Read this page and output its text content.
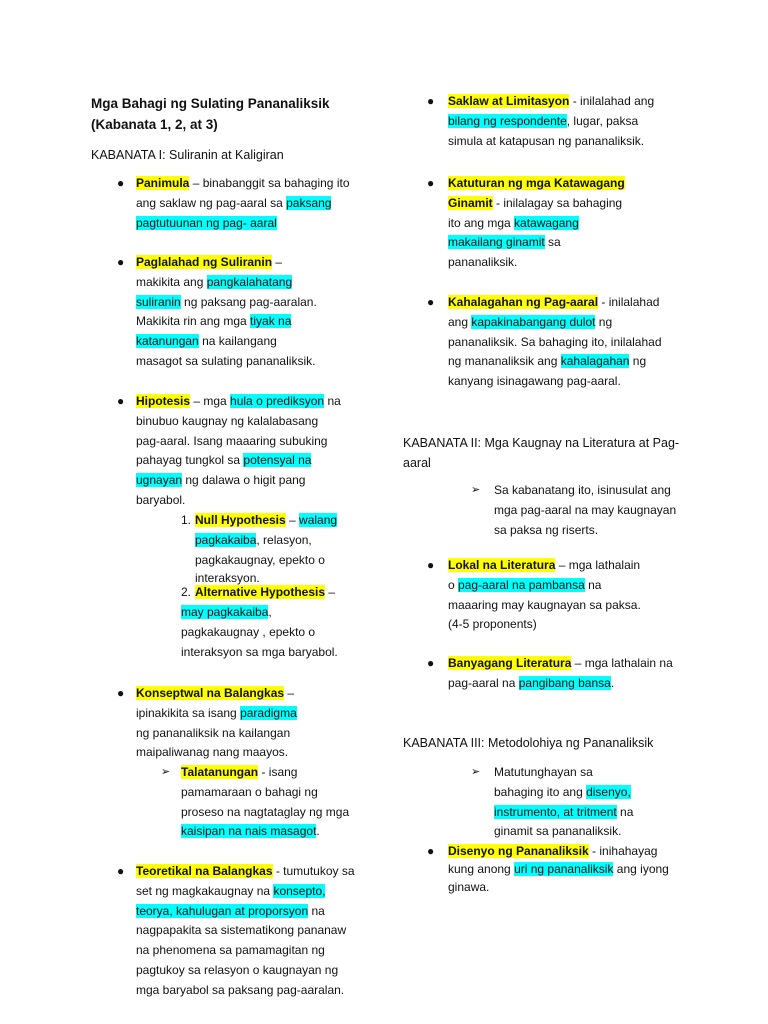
Mga Bahagi ng Sulating Pananaliksik
(Kabanata 1, 2, at 3)
KABANATA I: Suliranin at Kaligiran
● Panimula – binabanggit sa bahaging ito
ang saklaw ng pag-aaral sa paksang
pagtutuunan ng pag- aaral
● Paglalahad ng Suliranin –
makikita ang pangkalahatang
suliranin ng paksang pag-aaralan.
Makikita rin ang mga tiyak na
katanungan na kailangang
masagot sa sulating pananaliksik.
● Hipotesis – mga hula o prediksyon na
binubuo kaugnay ng kalalabasang
pag-aaral. Isang maaaring subuking
pahayag tungkol sa potensyal na
ugnayan ng dalawa o higit pang
baryabol.
1. Null Hypothesis – walang
pagkakaiba, relasyon,
pagkakaugnay, epekto o
interaksyon.
2. Alternative Hypothesis –
may pagkakaiba,
pagkakaugnay , epekto o
interaksyon sa mga baryabol.
● Konseptwal na Balangkas –
ipinakikita sa isang paradigma
ng pananaliksik na kailangan
maipaliwanag nang maayos.
➢ Talatanungan - isang
pamamaraan o bahagi ng
proseso na nagtataglay ng mga
kaisipan na nais masagot.
● Teoretikal na Balangkas - tumutukoy sa
set ng magkakaugnay na konsepto,
teorya, kahulugan at proporsyon na
nagpapakita sa sistematikong pananaw
na phenomena sa pamamagitan ng
pagtukoy sa relasyon o kaugnayan ng
mga baryabol sa paksang pag-aaralan.
● Saklaw at Limitasyon - inilalahad ang
bilang ng respondente, lugar, paksa
simula at katapusan ng pananaliksik.
● Katuturan ng mga Katawagang
Ginamit - inilalagay sa bahaging
ito ang mga katawagang
makailang ginamit sa
pananaliksik.
● Kahalagahan ng Pag-aaral - inilalahad
ang kapakinabangang dulot ng
pananaliksik. Sa bahaging ito, inilalahad
ng mananaliksik ang kahalagahan ng
kanyang isinagawang pag-aaral.
KABANATA II: Mga Kaugnay na Literatura at Pag-
aaral
➢ Sa kabanatang ito, isinusulat ang
mga pag-aaral na may kaugnayan
sa paksa ng riserts.
● Lokal na Literatura – mga lathalain
o pag-aaral na pambansa na
maaaring may kaugnayan sa paksa.
(4-5 proponents)
● Banyagang Literatura – mga lathalain na
pag-aaral na pangibang bansa.
KABANATA III: Metodolohiya ng Pananaliksik
➢ Matutunghayan sa
bahaging ito ang disenyo,
instrumento, at tritment na
ginamit sa pananaliksik.
● Disenyo ng Pananaliksik - inihahayag
kung anong uri ng pananaliksik ang iyong
ginawa.
